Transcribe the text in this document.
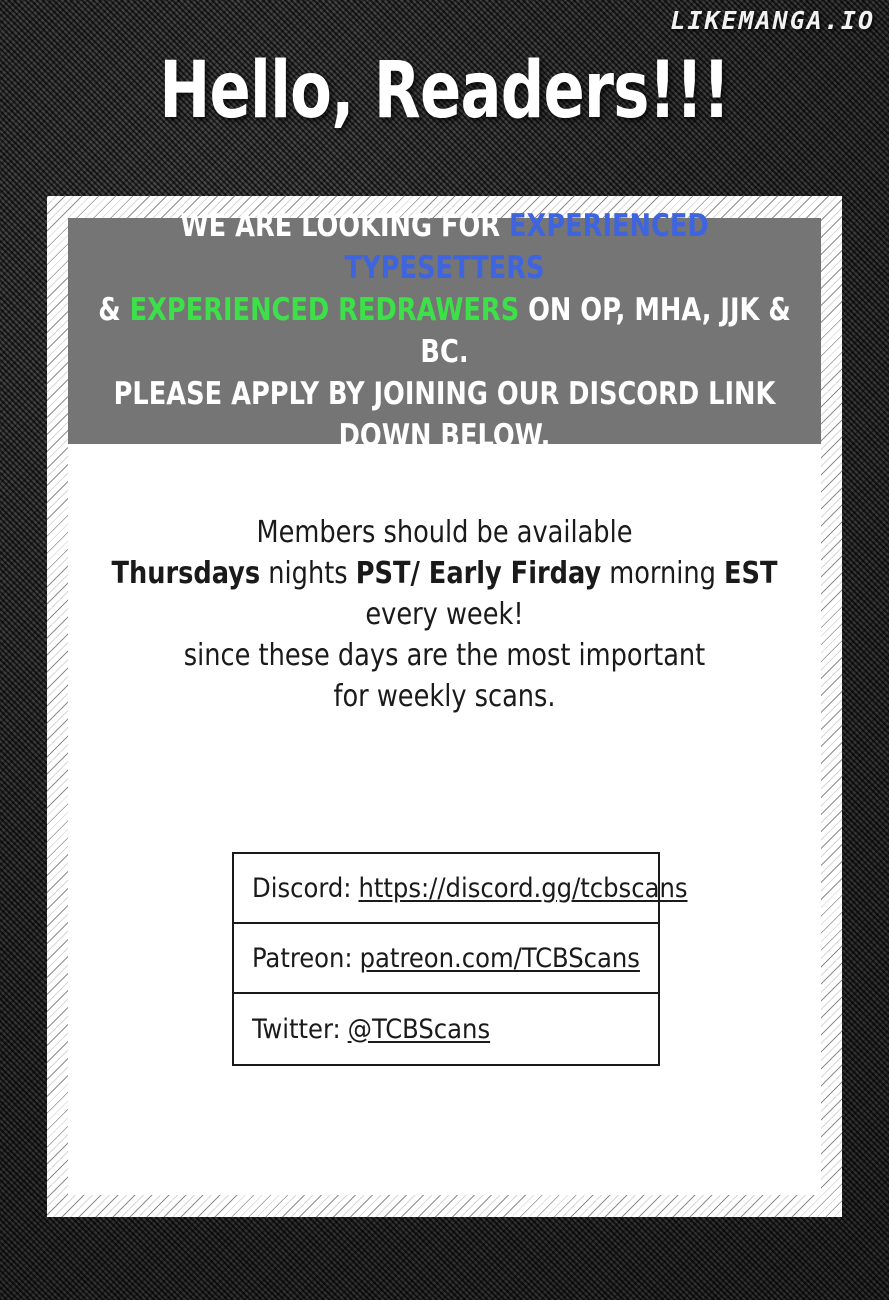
LIKEMANGA.IO
Hello, Readers!!!

WE ARE LOOKING FOR EXPERIENCED TYPESETTERS
& EXPERIENCED REDRAWERS ON OP, MHA, JJK & BC.
PLEASE APPLY BY JOINING OUR DISCORD LINK
DOWN BELOW.

Members should be available
Thursdays nights PST/ Early Firday morning EST
every week!
since these days are the most important
for weekly scans.
Discord: https://discord.gg/tcbscans
Patreon: patreon.com/TCBScans
Twitter: @TCBScans
